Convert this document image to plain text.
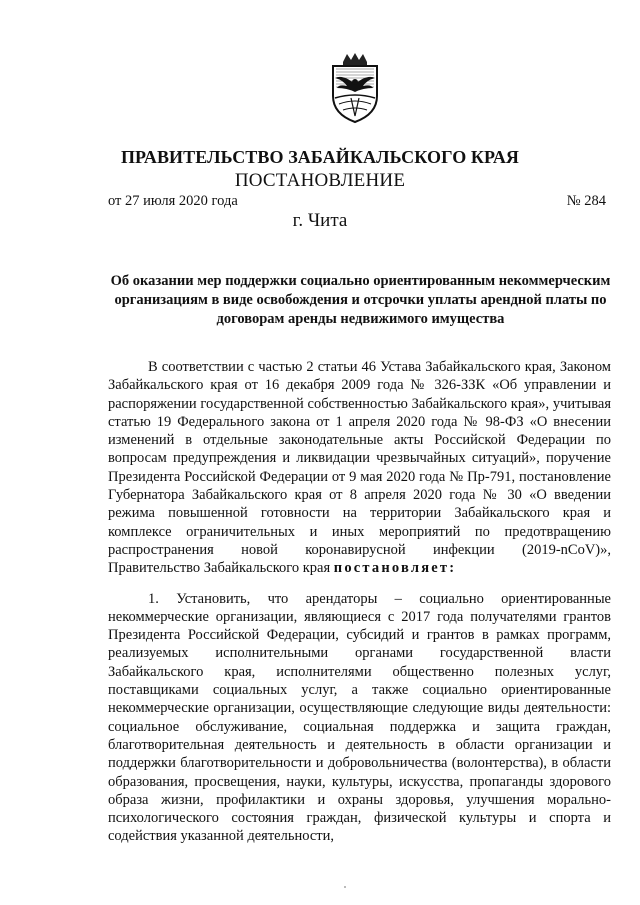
ПРАВИТЕЛЬСТВО ЗАБАЙКАЛЬСКОГО КРАЯ
ПОСТАНОВЛЕНИЕ
от 27 июля 2020 года	№ 284
г. Чита
Об оказании мер поддержки социально ориентированным некоммерческим организациям в виде освобождения и отсрочки уплаты арендной платы по договорам аренды недвижимого имущества

В соответствии с частью 2 статьи 46 Устава Забайкальского края, Законом Забайкальского края от 16 декабря 2009 года № 326-ЗЗК «Об управлении и распоряжении государственной собственностью Забайкальского края», учитывая статью 19 Федерального закона от 1 апреля 2020 года № 98-ФЗ «О внесении изменений в отдельные законодательные акты Российской Федерации по вопросам предупреждения и ликвидации чрезвычайных ситуаций», поручение Президента Российской Федерации от 9 мая 2020 года № Пр-791, постановление Губернатора Забайкальского края от 8 апреля 2020 года № 30 «О введении режима повышенной готовности на территории Забайкальского края и комплексе ограничительных и иных мероприятий по предотвращению распространения новой коронавирусной инфекции (2019-nCoV)», Правительство Забайкальского края постановляет:

1. Установить, что арендаторы – социально ориентированные некоммерческие организации, являющиеся с 2017 года получателями грантов Президента Российской Федерации, субсидий и грантов в рамках программ, реализуемых исполнительными органами государственной власти Забайкальского края, исполнителями общественно полезных услуг, поставщиками социальных услуг, а также социально ориентированные некоммерческие организации, осуществляющие следующие виды деятельности: социальное обслуживание, социальная поддержка и защита граждан, благотворительная деятельность и деятельность в области организации и поддержки благотворительности и добровольничества (волонтерства), в области образования, просвещения, науки, культуры, искусства, пропаганды здорового образа жизни, профилактики и охраны здоровья, улучшения морально-психологического состояния граждан, физической культуры и спорта и содействия указанной деятельности,
